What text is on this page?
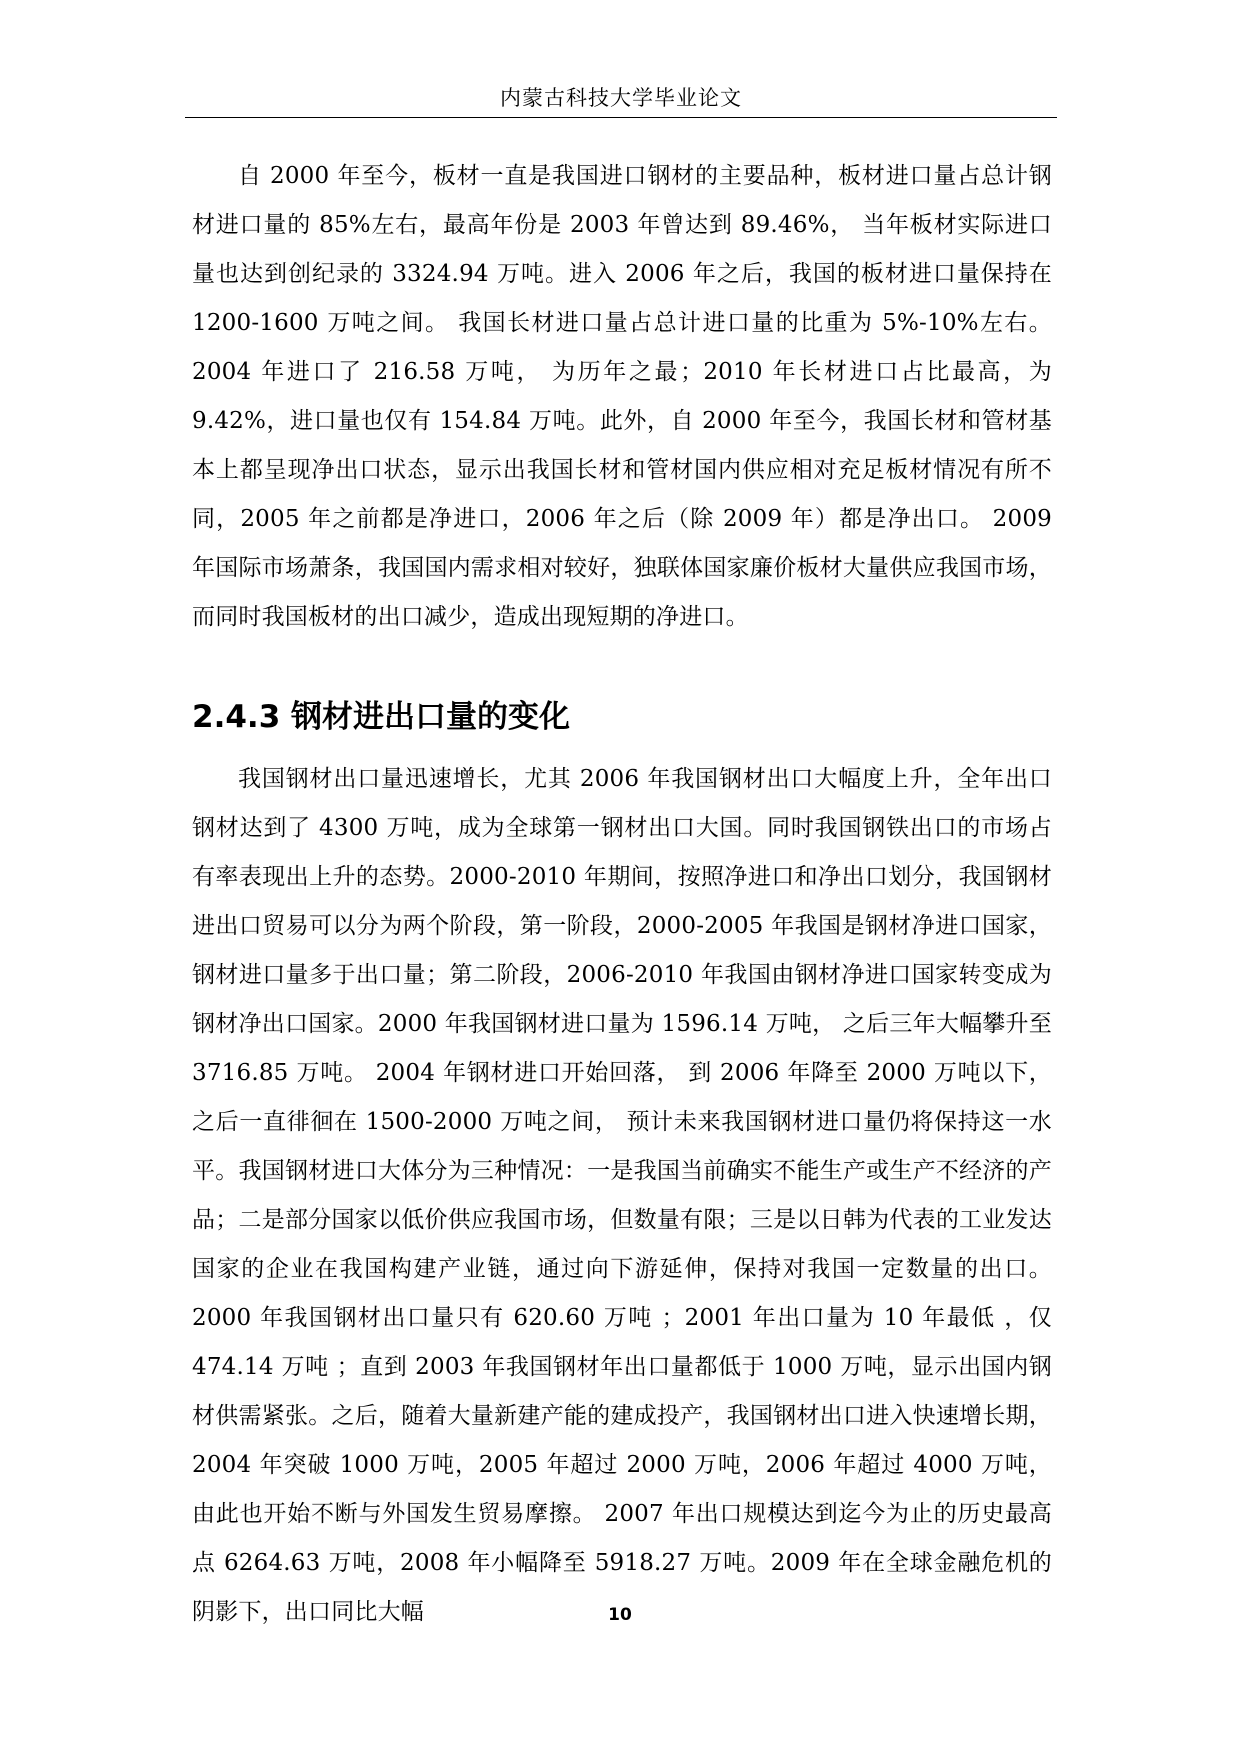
内蒙古科技大学毕业论文

自 2000 年至今，板材一直是我国进口钢材的主要品种，板材进口量占总计钢材进口量的 85%左右，最高年份是 2003 年曾达到 89.46%， 当年板材实际进口量也达到创纪录的 3324.94 万吨。进入 2006 年之后，我国的板材进口量保持在 1200-1600 万吨之间。 我国长材进口量占总计进口量的比重为 5%-10%左右。 2004 年进口了 216.58 万吨， 为历年之最；2010 年长材进口占比最高，为 9.42%，进口量也仅有 154.84 万吨。此外，自 2000 年至今，我国长材和管材基本上都呈现净出口状态，显示出我国长材和管材国内供应相对充足板材情况有所不同，2005 年之前都是净进口，2006 年之后（除 2009 年）都是净出口。 2009 年国际市场萧条，我国国内需求相对较好，独联体国家廉价板材大量供应我国市场，而同时我国板材的出口减少，造成出现短期的净进口。

2.4.3 钢材进出口量的变化

我国钢材出口量迅速增长，尤其 2006 年我国钢材出口大幅度上升，全年出口钢材达到了 4300 万吨，成为全球第一钢材出口大国。同时我国钢铁出口的市场占有率表现出上升的态势。2000-2010 年期间，按照净进口和净出口划分，我国钢材进出口贸易可以分为两个阶段，第一阶段，2000-2005 年我国是钢材净进口国家，钢材进口量多于出口量；第二阶段，2006-2010 年我国由钢材净进口国家转变成为钢材净出口国家。2000 年我国钢材进口量为 1596.14 万吨， 之后三年大幅攀升至 3716.85 万吨。 2004 年钢材进口开始回落， 到 2006 年降至 2000 万吨以下， 之后一直徘徊在 1500-2000 万吨之间， 预计未来我国钢材进口量仍将保持这一水平。我国钢材进口大体分为三种情况：一是我国当前确实不能生产或生产不经济的产品；二是部分国家以低价供应我国市场，但数量有限；三是以日韩为代表的工业发达国家的企业在我国构建产业链，通过向下游延伸，保持对我国一定数量的出口。2000 年我国钢材出口量只有 620.60 万吨 ；2001 年出口量为 10 年最低 ，仅 474.14 万吨 ；直到 2003 年我国钢材年出口量都低于 1000 万吨，显示出国内钢材供需紧张。之后，随着大量新建产能的建成投产，我国钢材出口进入快速增长期，2004 年突破 1000 万吨，2005 年超过 2000 万吨，2006 年超过 4000 万吨， 由此也开始不断与外国发生贸易摩擦。 2007 年出口规模达到迄今为止的历史最高点 6264.63 万吨，2008 年小幅降至 5918.27 万吨。2009 年在全球金融危机的阴影下，出口同比大幅	10
